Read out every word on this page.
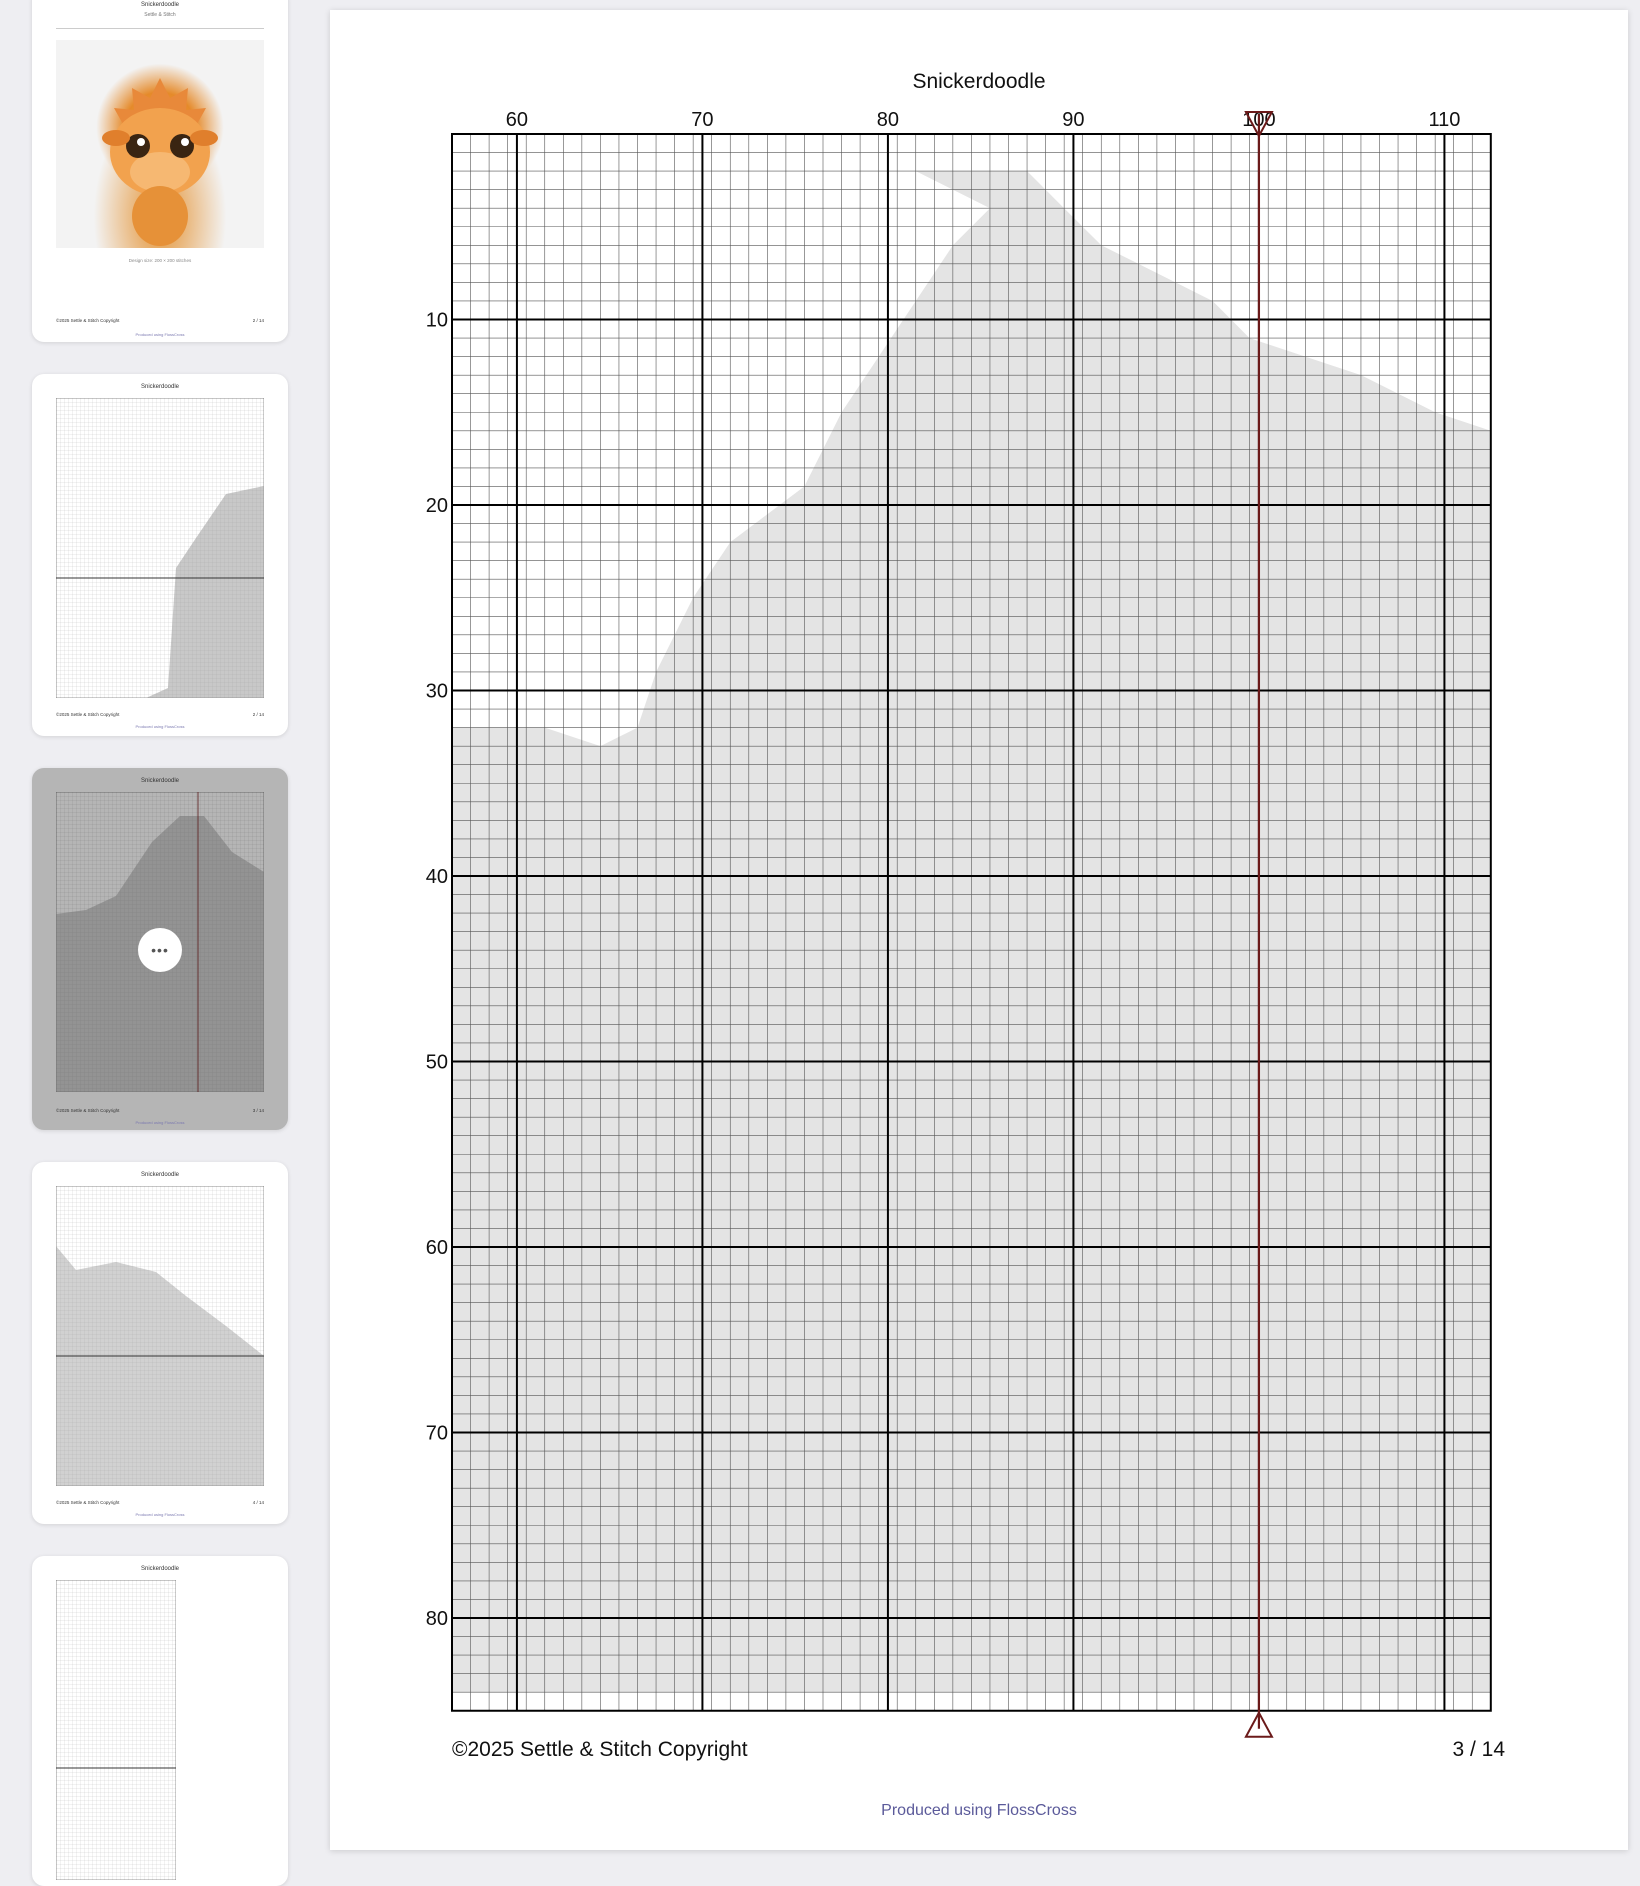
Snickerdoodle
Settle & Stitch
Design size: 200 × 200 stitches
©2025 Settle & Stitch Copyright	2 / 14
Produced using FlossCross
Snickerdoodle
©2025 Settle & Stitch Copyright	2 / 14
Produced using FlossCross
Snickerdoodle
•••
©2025 Settle & Stitch Copyright	3 / 14
Produced using FlossCross
Snickerdoodle
©2025 Settle & Stitch Copyright	4 / 14
Produced using FlossCross
Snickerdoodle
Snickerdoodle
60	70	80	90	100	110
10
20
30
40
50
60
70
80
©2025 Settle & Stitch Copyright	3 / 14
Produced using FlossCross
